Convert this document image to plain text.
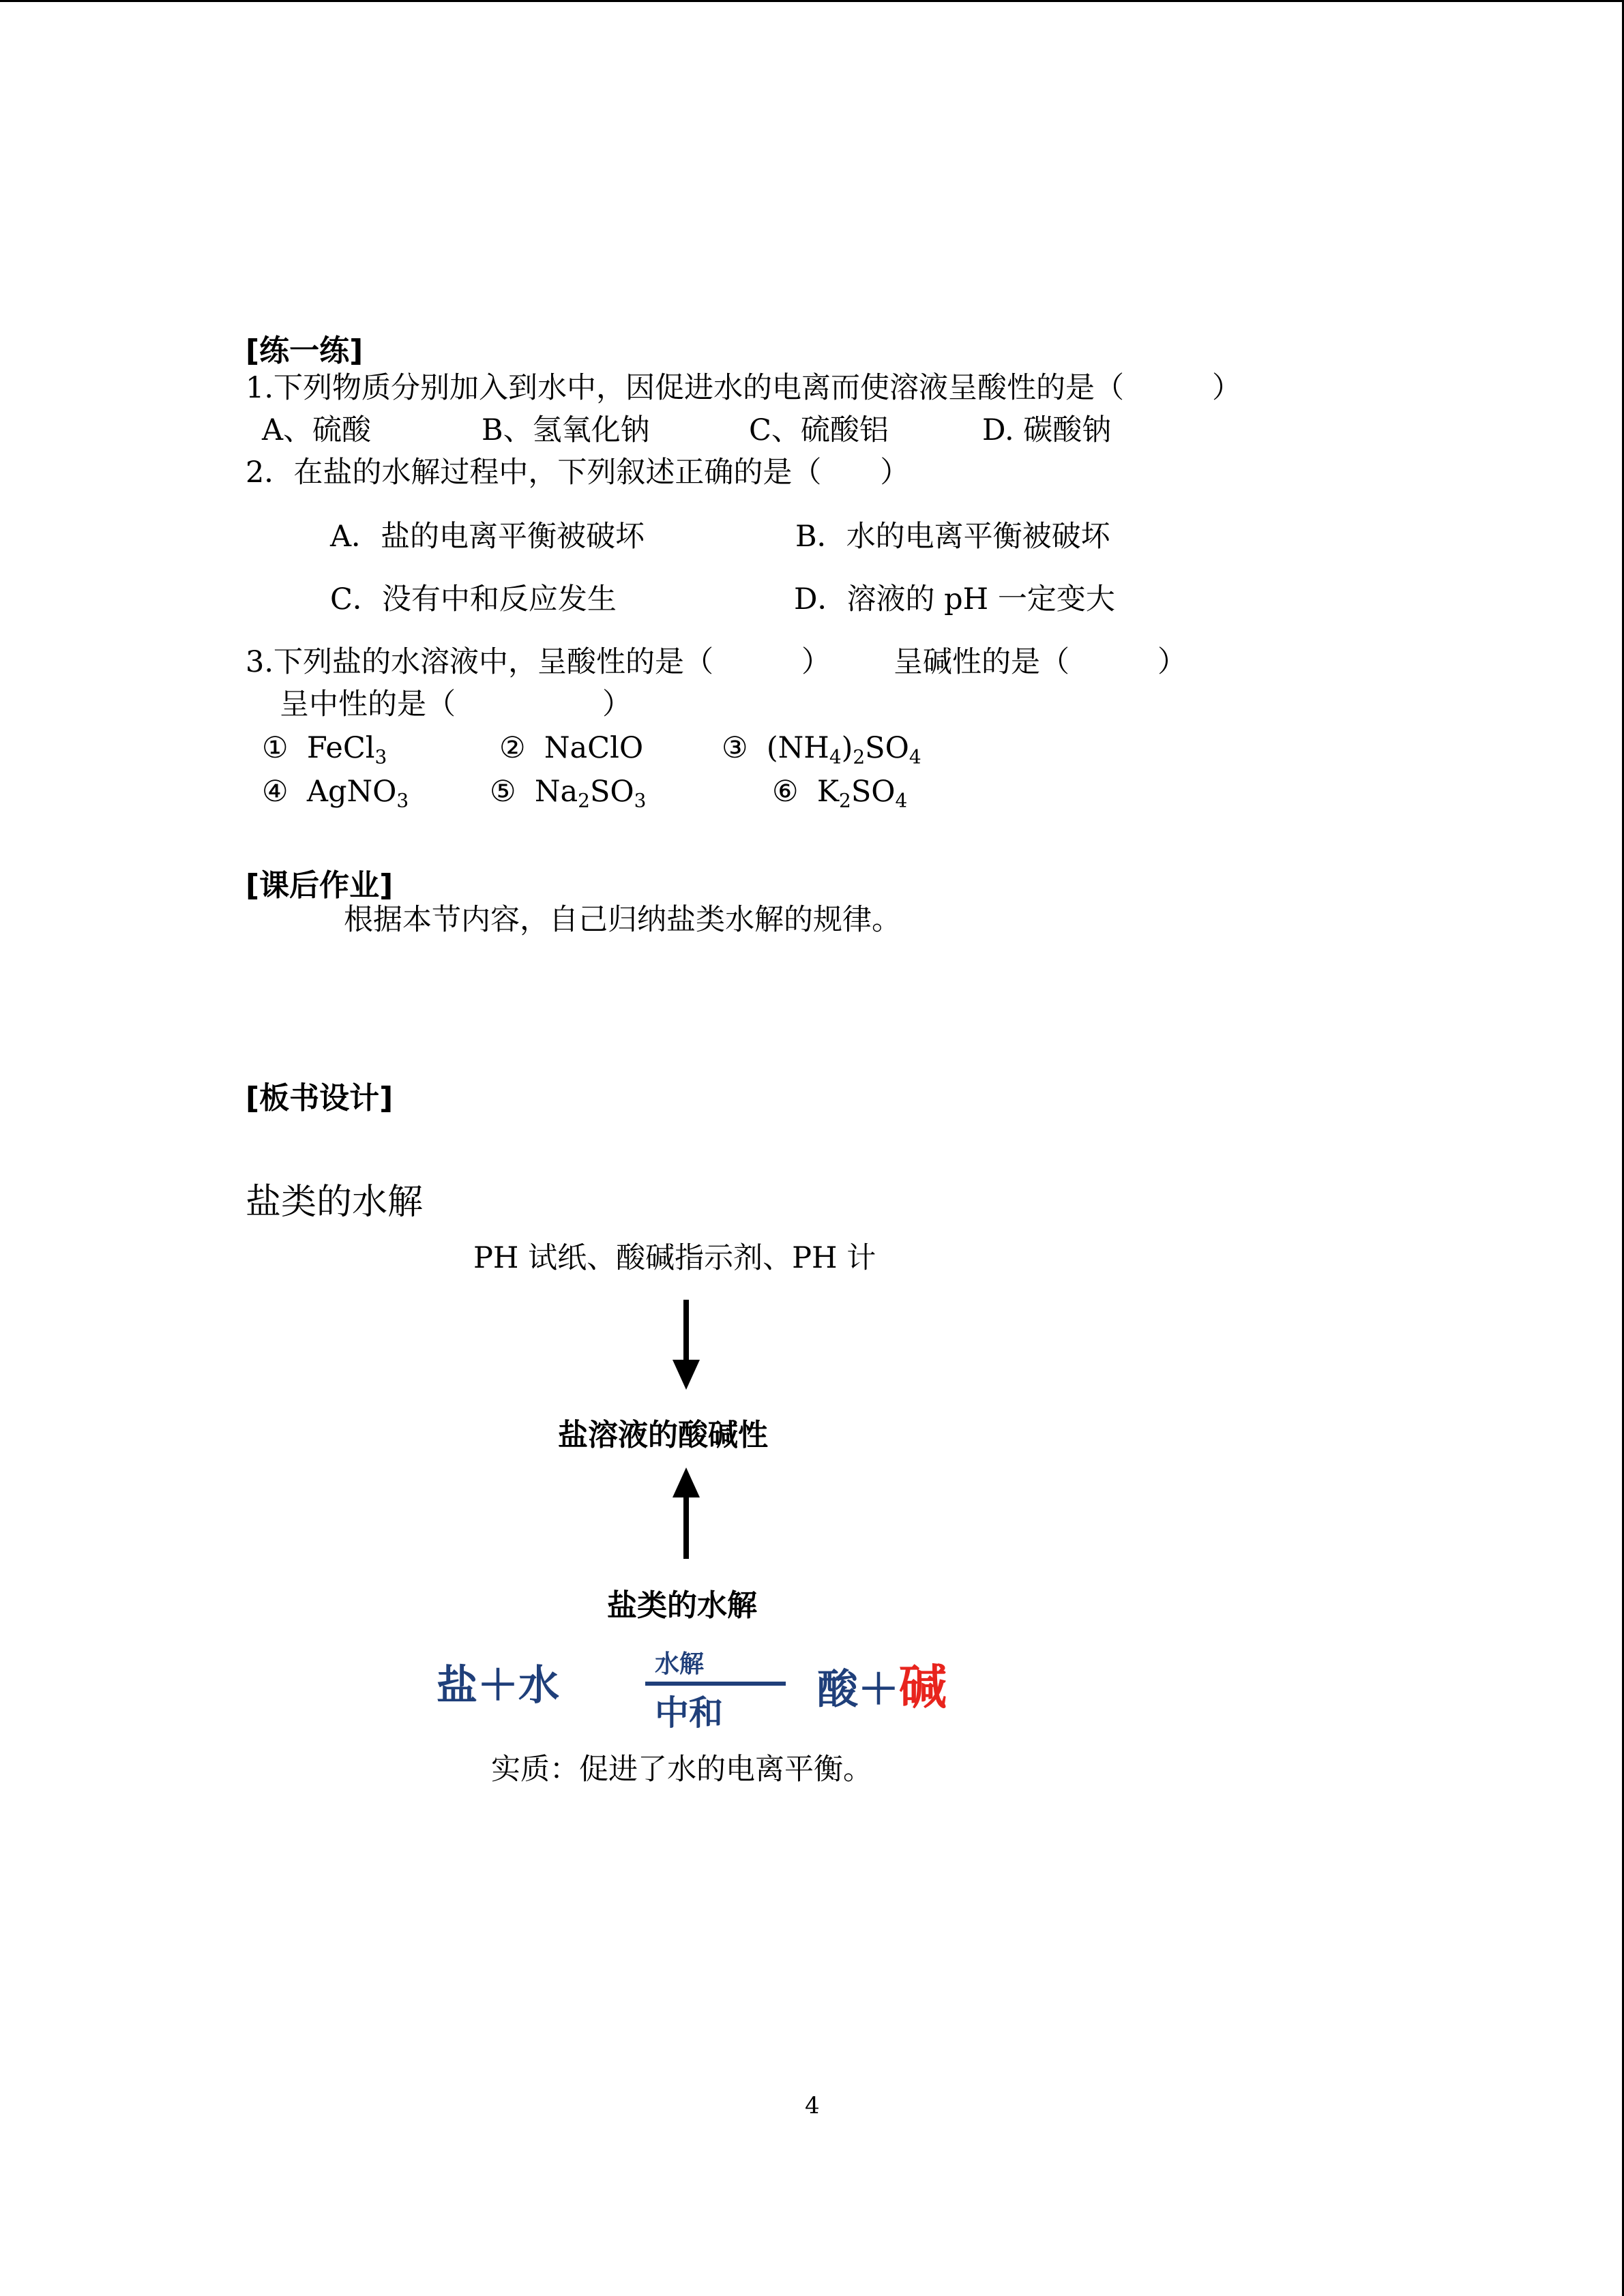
[练一练]
1.下列物质分别加入到水中，因促进水的电离而使溶液呈酸性的是（　　　）
A、硫酸	B、氢氧化钠	C、硫酸铝	D. 碳酸钠
2．在盐的水解过程中，下列叙述正确的是（　　）
A．盐的电离平衡被破坏	B．水的电离平衡被破坏
C．没有中和反应发生	D．溶液的 pH 一定变大
3.下列盐的水溶液中，呈酸性的是（　　　） 呈碱性的是（　　　）
呈中性的是（　　　　　）
① FeCl$_3$	② NaClO	③ $(NH_4)_2SO_4$
④ AgNO$_3$	⑤ $Na_2SO_3$	⑥ $K_2SO_4$
[课后作业]
根据本节内容，自己归纳盐类水解的规律。
[板书设计]
盐类的水解
PH 试纸、酸碱指示剂、PH 计
盐溶液的酸碱性
盐类的水解
盐＋水	水解
中和 酸＋碱
实质：促进了水的电离平衡。
4
